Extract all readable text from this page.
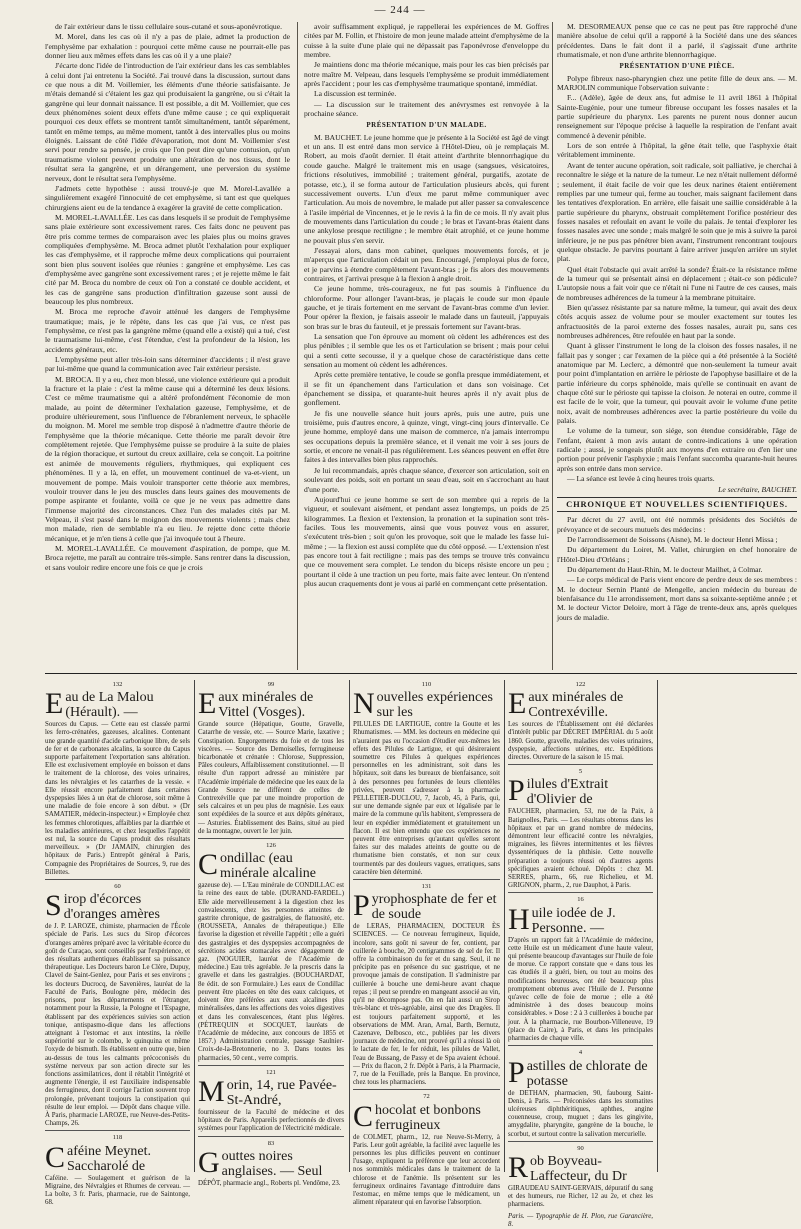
— 244 —

de l'air extérieur dans le tissu cellulaire sous-cutané et sous-aponévrotique.

M. Morel, dans les cas où il n'y a pas de plaie, admet la production de l'emphysème par exhalation : pourquoi cette même cause ne pourrait-elle pas donner lieu aux mêmes effets dans les cas où il y a une plaie?

J'écarte donc l'idée de l'introduction de l'air extérieur dans les cas semblables à celui dont j'ai entretenu la Société. J'ai trouvé dans la discussion, surtout dans ce que nous a dit M. Voillemier, les éléments d'une théorie satisfaisante. Je m'étais demandé si c'étaient les gaz qui produisaient la gangrène, ou si c'était la gangrène qui leur donnait naissance. Il est possible, a dit M. Voillemier, que ces deux phénomènes soient deux effets d'une même cause ; ce qui expliquerait pourquoi ces deux effets se montrent tantôt simultanément, tantôt séparément, tantôt en même temps, au même moment, tantôt à des intervalles plus ou moins éloignés. Laissant de côté l'idée d'évaporation, mot dont M. Voillemier s'est servi pour rendre sa pensée, je crois que l'on peut dire qu'une contusion, qu'un traumatisme violent peuvent produire une altération de nos tissus, dont le résultat sera la gangrène, et un dérangement, une perversion du système nerveux, dont le résultat sera l'emphysème.

J'admets cette hypothèse : aussi trouvé-je que M. Morel-Lavallée a singulièrement exagéré l'innocuité de cet emphysème, si tant est que quelques chirurgiens aient eu de la tendance à exagérer la gravité de cette complication.

M. MOREL-LAVALLÉE. Les cas dans lesquels il se produit de l'emphysème sans plaie extérieure sont excessivement rares. Ces faits donc ne peuvent pas être pris comme termes de comparaison avec les plaies plus ou moins graves compliquées d'emphysème. M. Broca admet plutôt l'exhalation pour expliquer les cas d'emphysème, et il rapproche même deux complications qui pourraient sont bien plus souvent isolées que réunies : gangrène et emphysème. Les cas d'emphysème avec gangrène sont excessivement rares ; et je rejette même le fait cité par M. Broca du nombre de ceux où l'on a constaté ce double accident, et les cas de gangrène sans production d'infiltration gazeuse sont aussi de beaucoup les plus nombreux.

M. Broca me reproche d'avoir atténué les dangers de l'emphysème traumatique; mais, je le répète, dans les cas que j'ai vus, ce n'est pas l'emphysème, ce n'est pas la gangrène même (quand elle a existé) qui a tué, c'est le traumatisme lui-même, c'est l'étendue, c'est la profondeur de la lésion, les accidents généraux, etc.

L'emphysème peut aller très-loin sans déterminer d'accidents ; il n'est grave par lui-même que quand la communication avec l'air extérieur persiste.

M. BROCA. Il y a eu, chez mon blessé, une violence extérieure qui a produit la fracture et la plaie : c'est la même cause qui a déterminé les deux lésions. C'est ce même traumatisme qui a altéré profondément l'économie de mon malade, au point de déterminer l'exhalation gazeuse, l'emphysème, et de produire ultérieurement, sous l'influence de l'ébranlement nerveux, le sphacèle du moignon. M. Morel me semble trop disposé à n'admettre d'autre théorie de l'emphysème que la théorie mécanique. Cette théorie me paraît devoir être complètement rejetée. Que l'emphysème puisse se produire à la suite de plaies de la région thoracique, et surtout du creux axillaire, cela se conçoit. La poitrine est animée de mouvements réguliers, rhythmiques, qui expliquent ces phénomènes. Il y a là, en effet, un mouvement continuel de va-et-vient, un mouvement de pompe. Mais vouloir transporter cette théorie aux membres, vouloir trouver dans le jeu des muscles dans leurs gaines des mouvements de pompe aspirante et foulante, voilà ce que je ne veux pas admettre dans l'immense majorité des circonstances. Chez l'un des malades cités par M. Velpeau, il s'est passé dans le moignon des mouvements violents ; mais chez mon malade, rien de semblable n'a eu lieu. Je rejette donc cette théorie mécanique, et je m'en tiens à celle que j'ai invoquée tout à l'heure.

M. MOREL-LAVALLÉE. Ce mouvement d'aspiration, de pompe, que M. Broca rejette, me paraît au contraire très-simple. Sans rentrer dans la discussion, et sans vouloir redire encore une fois ce que je crois

avoir suffisamment expliqué, je rappellerai les expériences de M. Goffres citées par M. Follin, et l'histoire de mon jeune malade atteint d'emphysème de la cuisse à la suite d'une plaie qui ne dépassait pas l'aponévrose d'enveloppe du membre.

Je maintiens donc ma théorie mécanique, mais pour les cas bien précisés par notre maître M. Velpeau, dans lesquels l'emphysème se produit immédiatement après l'accident ; pour les cas d'emphysème traumatique spontané, immédiat.

La discussion est terminée.

— La discussion sur le traitement des anévrysmes est renvoyée à la prochaine séance.

PRÉSENTATION D'UN MALADE.

M. BAUCHET. Le jeune homme que je présente à la Société est âgé de vingt et un ans. Il est entré dans mon service à l'Hôtel-Dieu, où je remplaçais M. Robert, au mois d'août dernier. Il était atteint d'arthrite blennorrhagique du coude gauche. Malgré le traitement mis en usage (sangsues, vésicatoires, frictions résolutives, immobilité ; traitement général, purgatifs, azotate de potasse, etc.), il se forma autour de l'articulation plusieurs abcès, qui furent successivement ouverts. L'un d'eux me parut même communiquer avec l'articulation. Au mois de novembre, le malade put aller passer sa convalescence à l'asile impérial de Vincennes, et je le revis à la fin de ce mois. Il n'y avait plus de mouvements dans l'articulation du coude ; le bras et l'avant-bras étaient dans une ankylose presque rectiligne ; le membre était atrophié, et ce jeune homme ne pouvait plus s'en servir.

J'essayai alors, dans mon cabinet, quelques mouvements forcés, et je m'aperçus que l'articulation cédait un peu. Encouragé, j'employai plus de force, et je parvins à étendre complètement l'avant-bras ; je fis alors des mouvements contraires, et j'arrivai presque à la flexion à angle droit.

Ce jeune homme, très-courageux, ne fut pas soumis à l'influence du chloroforme. Pour allonger l'avant-bras, je plaçais le coude sur mon épaule gauche, et je tirais fortement en me servant de l'avant-bras comme d'un levier. Pour opérer la flexion, je faisais asseoir le malade dans un fauteuil, j'appuyais son bras sur le bras du fauteuil, et je pressais fortement sur l'avant-bras.

La sensation que l'on éprouve au moment où cèdent les adhérences est des plus pénibles ; il semble que les os et l'articulation se brisent ; mais pour celui qui a senti cette secousse, il y a quelque chose de caractéristique dans cette sensation au moment où cèdent les adhérences.

Après cette première tentative, le coude se gonfla presque immédiatement, et il se fit un épanchement dans l'articulation et dans son voisinage. Cet épanchement se dissipa, et quarante-huit heures après il n'y avait plus de gonflement.

Je fis une nouvelle séance huit jours après, puis une autre, puis une troisième, puis d'autres encore, à quinze, vingt, vingt-cinq jours d'intervalle. Ce jeune homme, employé dans une maison de commerce, n'a jamais interrompu ses occupations depuis la première séance, et il venait me voir à ses jours de sortie, et encore ne venait-il pas régulièrement. Les séances peuvent en effet être faites à des intervalles bien plus rapprochés.

Je lui recommandais, après chaque séance, d'exercer son articulation, soit en soulevant des poids, soit en portant un seau d'eau, soit en s'accrochant au haut d'une porte.

Aujourd'hui ce jeune homme se sert de son membre qui a repris de la vigueur, et soulevant aisément, et pendant assez longtemps, un poids de 25 kilogrammes. La flexion et l'extension, la pronation et la supination sont très-faciles. Tous les mouvements, ainsi que vous pouvez vous en assurer, s'exécutent très-bien ; soit qu'on les provoque, soit que le malade les fasse lui-même ; — la flexion est aussi complète que du côté opposé. — L'extension n'est pas encore tout à fait rectiligne ; mais pas des temps se trouve très convaincu que ce mouvement sera complet. Le tendon du biceps résiste encore un peu ; pourtant il cède à une traction un peu forte, mais faite avec lenteur. On n'entend plus aucun craquements dont je vous ai parlé en commençant cette présentation.

M. DESORMEAUX pense que ce cas ne peut pas être rapproché d'une manière absolue de celui qu'il a rapporté à la Société dans une des séances précédentes. Dans le fait dont il a parlé, il s'agissait d'une arthrite rhumatismale, et non d'une arthrite blennorrhagique.

PRÉSENTATION D'UNE PIÈCE.

Polype fibreux naso-pharyngien chez une petite fille de deux ans. — M. MARJOLIN communique l'observation suivante :

F... (Adèle), âgée de deux ans, fut admise le 11 avril 1861 à l'hôpital Sainte-Eugénie, pour une tumeur fibreuse occupant les fosses nasales et la partie supérieure du pharynx. Les parents ne purent nous donner aucun renseignement sur l'époque précise à laquelle la respiration de l'enfant avait commencé à devenir pénible.

Lors de son entrée à l'hôpital, la gêne était telle, que l'asphyxie était véritablement imminente.

Avant de tenter aucune opération, soit radicale, soit palliative, je cherchai à reconnaître le siége et la nature de la tumeur. Le nez n'était nullement déformé ; seulement, il était facile de voir que les deux narines étaient entièrement remplies par une tumeur qui, ferme au toucher, mais saignant facilement dans les tentatives d'exploration. En arrière, elle faisait une saillie considérable à la partie supérieure du pharynx, obstruait complètement l'orifice postérieur des fosses nasales et refoulait en avant le voile du palais. Je tentai d'explorer les fosses nasales avec une sonde ; mais malgré le soin que je mis à suivre la paroi inférieure, je ne pus pas pénétrer bien avant, l'instrument rencontrant toujours quelque obstacle. Je parvins pourtant à faire arriver jusqu'en arrière un stylet plat.

Quel était l'obstacle qui avait arrêté la sonde? Était-ce la résistance même de la tumeur qui se présentait ainsi en déplacement ; était-ce son pédicule? L'autopsie nous a fait voir que ce n'était ni l'une ni l'autre de ces causes, mais de nombreuses adhérences de la tumeur à la membrane pituitaire.

Bien qu'assez résistante par sa nature même, la tumeur, qui avait des deux côtés acquis assez de volume pour se mouler exactement sur toutes les anfractuosités de la paroi externe des fosses nasales, aurait pu, sans ces nombreuses adhérences, être refoulée en haut par la sonde.

Quant à glisser l'instrument le long de la cloison des fosses nasales, il ne fallait pas y songer ; car l'examen de la pièce qui a été présentée à la Société anatomique par M. Leclerc, a démontré que non-seulement la tumeur avait pour point d'implantation en arrière le périoste de l'apophyse basillaire et de la partie inférieure du corps sphénoïde, mais qu'elle se continuait en avant de chaque côté sur le périoste qui tapisse la cloison. Je noterai en outre, comme il est facile de le voir, que la tumeur, qui pouvait avoir le volume d'une petite noix, avait de nombreuses adhérences avec la partie postérieure du voile du palais.

Le volume de la tumeur, son siége, son étendue considérable, l'âge de l'enfant, étaient à mon avis autant de contre-indications à une opération radicale ; aussi, je songeais plutôt aux moyens d'en extraire ou d'en lier une portion pour prévenir l'asphyxie ; mais l'enfant succomba quarante-huit heures après son entrée dans mon service.

— La séance est levée à cinq heures trois quarts.

Le secrétaire, BAUCHET.

CHRONIQUE ET NOUVELLES SCIENTIFIQUES.

Par décret du 27 avril, ont été nommés présidents des Sociétés de prévoyance et de secours mutuels des médecins :

De l'arrondissement de Soissons (Aisne), M. le docteur Henri Missa ;

Du département du Loiret, M. Vallet, chirurgien en chef honoraire de l'Hôtel-Dieu d'Orléans ;

Du département du Haut-Rhin, M. le docteur Mailhet, à Colmar.

— Le corps médical de Paris vient encore de perdre deux de ses membres : M. le docteur Sernin Planté de Mengelle, ancien médecin du bureau de bienfaisance du 11e arrondissement, mort dans sa soixante-septième année ; et M. le docteur Victor Deloire, mort à l'âge de trente-deux ans, après quelques jours de maladie.

132
Eau de La Malou (Hérault). —

Sources du Capus. — Cette eau est classée parmi les ferro-crénatées, gazeuses, alcalines. Contenant une grande quantité d'acide carbonique libre, de sels de fer et de carbonates alcalins, la source du Capus supporte parfaitement l'exportation sans altération. Elle est exclusivement employée en boisson et dans le traitement de la chlorose, des voies urinaires, dans les névralgies et les catarrhes de la vessie. « Elle réussit encore parfaitement dans certaines dyspepsies liées à un état de chlorose, soit même à une maladie de foie encore à son début. » (Dr SAMATIER, médecin-inspecteur.) « Employée chez les femmes chlorotiques, affaiblies par la diarrhée et les maladies antérieures, et chez lesquelles l'appétit est nul, la source du Capus produit des résultats merveilleux. » (Dr JAMAIN, chirurgien des hôpitaux de Paris.) Entrepôt général à Paris, Compagnie des Propriétaires de Sources, 9, rue des Billettes.

60
Sirop d'écorces d'oranges amères

de J. P. LAROZE, chimiste, pharmacien de l'École spéciale de Paris. Les sucs du Sirop d'écorces d'oranges amères préparé avec la véritable écorce du goût de Curaçao, sont conseillés par l'expérience, et des résultats authentiques établissent sa puissance thérapeutique. Les Docteurs baron Le Clère, Dupuy, Clavel de Saint-Genlez, pour Paris et ses environs ; les docteurs Ducrocq, de Savenières, lauréat de la Faculté de Paris, Boulogne père, médecin des prisons, pour les départements et l'étranger, notamment pour la Russie, la Pologne et l'Espagne, établissent par des expériences suivies son action tonique, antispasmo-dique dans les affections atteignant à l'estomac et aux intestins, la réelle supériorité sur le colombo, le quinquina et même l'oxyde de bismuth. Ils établissent en outre que, bien au-dessus de tous les calmants précoconisés du système nerveux par son action directe sur les fonctions assimilatrices, dont il rétablit l'intégrité et augmente l'énergie, il est l'auxiliaire indispensable des ferrugineux, dont il corrige l'action souvent trop prolongée, prévenant toujours la constipation qui résulte de leur emploi. — Dépôt dans chaque ville. À Paris, pharmacie LAROZE, rue Neuve-des-Petits-Champs, 26.

118
Caféine Meynet. Saccharolé de

Caféine. — Soulagement et guérison de la Migraine, des Névralgies et Rhumes de cerveau. — La boîte, 3 fr. Paris, pharmacie, rue de Saintonge, 68.

99
Eaux minérales de Vittel (Vosges).

Grande source (Hépatique, Goutte, Gravelle, Catarrhe de vessie, etc. — Source Marie, laxative ; Constipation. Engorgements du foie et de tous les viscères. — Source des Demoiselles, ferrugineuse bicarbonatée et crénatée : Chlorose, Suppression, Pâles couleurs, Affaiblissement constitutionnel. — Il résulte d'un rapport adressé au ministère par l'Académie impériale de médecine que les eaux de la Grande Source ne diffèrent de celles de Contrexéville que par une moindre proportion de sels calcaires et un peu plus de magnésie. Les eaux sont expédiées de la source et aux dépôts généraux, — Asturies. Établissement des Bains, situé au pied de la montagne, ouvert le 1er juin.

126
Condillac (eau minérale alcaline

gazeuse de). — L'Eau minérale de CONDILLAC est la reine des eaux de table. (DURAND-FARDEL.) Elle aide merveilleusement à la digestion chez les convalescents, chez les personnes atteintes de gastrite chronique, de gastralgies, de flatuosité, etc. (ROUSSETA, Annales de thérapeutique.) Elle favorise la digestion et réveille l'appétit ; elle a guéri des gastralgies et des dyspepsies accompagnées de sécrétions acides stomacales avec dégagement de gaz. (NOGUIER, lauréat de l'Académie de médecine.) Eau très agréable. Je la prescris dans la gravelle et dans les gastralgies. (BOUCHARDAT, 8e édit. de son Formulaire.) Les eaux de Condillac peuvent être placées en tête des eaux calciques, et doivent être préférées aux eaux alcalines plus minéralisées, dans les affections des voies digestives et dans les convalescences, étant plus légères. (PÉTREQUIN et SOCQUET, lauréats de l'Académie de médecine, aux concours de 1855 et 1857.) Administration centrale, passage Saulnier-Croix-de-la-Bretonnerie, no 3. Dans toutes les pharmacies, 50 cent., verre compris.

121
Morin, 14, rue Pavée-St-André,

fournisseur de la Faculté de médecine et des hôpitaux de Paris. Appareils perfectionnés de divers systèmes pour l'application de l'électricité médicale.

83
Gouttes noires anglaises. — Seul

DÉPÔT, pharmacie angl., Roberts pl. Vendôme, 23.

110
Nouvelles expériences sur les

PILULES DE LARTIGUE, contre la Goutte et les Rhumatismes. — MM. les docteurs en médecine qui n'auraient pas eu l'occasion d'étudier eux-mêmes les effets des Pilules de Lartigue, et qui désireraient soumettre ces Pilules à quelques expériences personnelles en les administrant, soit dans les hôpitaux, soit dans les bureaux de bienfaisance, soit à des personnes peu fortunées de leurs clientèles privées, peuvent s'adresser à la pharmacie PELLETIER-DUCLOU, 7, Jacob, 45, à Paris, qui, sur une demande signée par eux et légalisée par le maire de la commune qu'ils habitent, s'empressera de leur en expédier immédiatement et gratuitement un flacon. Il est bien entendu que ces expériences ne peuvent être entreprises qu'autant qu'elles seront faites sur des malades atteints de goutte ou de rhumatisme bien constatés, et non sur ceux tourmentés par des douleurs vagues, erratiques, sans caractère bien déterminé.

131
Pyrophosphate de fer et de soude

de LERAS, PHARMACIEN, DOCTEUR ÈS SCIENCES. — Ce nouveau ferrugineux, liquide, incolore, sans goût ni saveur de fer, contient, par cuillerée à bouche, 20 centigrammes de sel de fer. Il offre la combinaison du fer et du sang. Seul, il ne précipite pas en présence du suc gastrique, et ne provoque jamais de constipation. Il s'administre par cuillerée à bouche une demi-heure avant chaque repas ; il peut se prendre en mangeant associé au vin, qu'il ne décompose pas. On en fait aussi un Sirop très-blanc et très-agréable, ainsi que des Dragées. Il est toujours parfaitement supporté, et les observations de MM. Aran, Arnal, Barth, Bernutz, Cazenave, Delbosco, etc., publiées par les divers journaux de médecine, ont prouvé qu'il a réussi là où le lactate de fer, le fer réduit, les pilules de Vallet, l'eau de Bussang, de Passy et de Spa avaient échoué. — Prix du flacon, 2 fr. Dépôt à Paris, à la Pharmacie, 7, rue de la Feuillade, près la Banque. En province, chez tous les pharmaciens.

72
Chocolat et bonbons ferrugineux

de COLMET, pharm., 12, rue Neuve-St-Merry, à Paris. Leur goût agréable, la facilité avec laquelle les personnes les plus difficiles peuvent en continuer l'usage, expliquent la préférence que leur accordent nos sommités médicales dans le traitement de la chlorose et de l'anémie. Ils présentent sur les ferrugineux ordinaires l'avantage d'introduire dans l'estomac, en même temps que le médicament, un aliment réparateur qui en favorise l'absorption.

122
Eaux minérales de Contrexéville.

Les sources de l'Établissement ont été déclarées d'intérêt public par DÉCRET IMPÉRIAL du 5 août 1860. Goutte, gravelle, maladies des voies urinaires, dyspepsie, affections utérines, etc. Expéditions directes. Ouverture de la saison le 15 mai.

5
Pilules d'Extrait d'Olivier de

FAUCHER, pharmacien, 53, rue de la Paix, à Batignolles, Paris. — Les résultats obtenus dans les hôpitaux et par un grand nombre de médecins, démontrent leur efficacité contre les névralgies, migraines, les fièvres intermittentes et les fièvres dyssentériques de la phthisie. Cette nouvelle préparation a toujours réussi où d'autres agents spécifiques avaient échoué. Dépôts : chez M. SERRES, pharm., 66, rue Richelieu, et M. GRIGNON, pharm., 2, rue Dauphot, à Paris.

16
Huile iodée de J. Personne. —

D'après un rapport fait à l'Académie de médecine, cette Huile est un médicament d'une haute valeur, qui présente beaucoup d'avantages sur l'huile de foie de morue. Ce rapport constate que « dans tous les cas étudiés il a guéri, bien, ou tout au moins des modifications heureuses, ont été beaucoup plus promptement obtenus avec l'Huile de J. Personne qu'avec celle de foie de morue ; elle a été administrée à des doses beaucoup moins considérables. » Dose : 2 à 3 cuillerées à bouche par jour. À la pharmacie, rue Bourbon-Villeneuve, 19 (place du Caire), à Paris, et dans les principales pharmacies de chaque ville.

4
Pastilles de chlorate de potasse

de DETHAN, pharmacien, 90, faubourg Saint-Denis, à Paris. — Préconisées dans les stomatites ulcéreuses diphthéritiques, aphthes, angine couenneuse, croup, muguet ; dans les gingivite, amygdalite, pharyngite, gangrène de la bouche, le scorbut, et surtout contre la salivation mercurielle.

90
Rob Boyveau-Laffecteur, du Dr

GIRAUDEAU SAINT-GERVAIS, dépuratif du sang et des humeurs, rue Richer, 12 au 2e, et chez les pharmaciens.

Paris. — Typographie de H. Plon, rue Garancière, 8.
